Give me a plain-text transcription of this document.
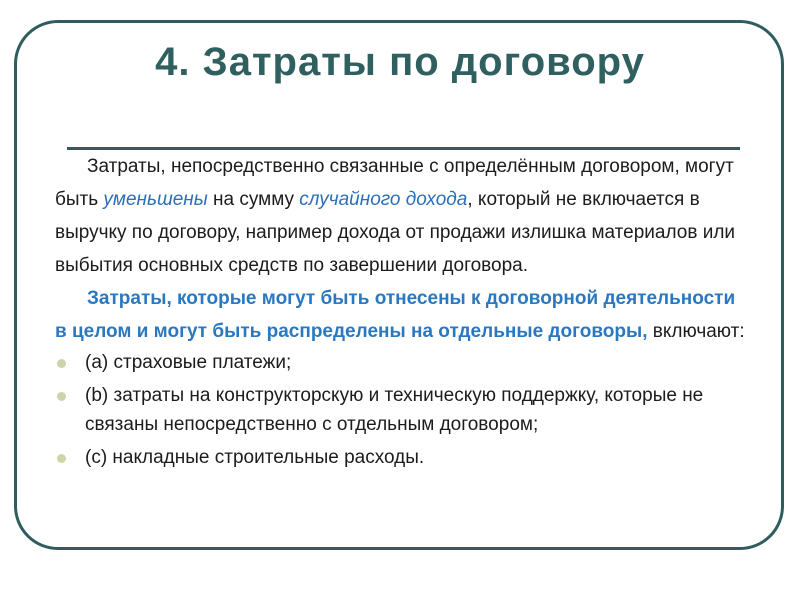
4. Затраты по договору

Затраты, непосредственно связанные с определённым договором, могут быть уменьшены на сумму случайного дохода, который не включается в выручку по договору, например дохода от продажи излишка материалов или выбытия основных средств по завершении договора.

Затраты, которые могут быть отнесены к договорной деятельности в целом и могут быть распределены на отдельные договоры, включают:

(а) страховые платежи;
(b) затраты на конструкторскую и техническую поддержку, которые не связаны непосредственно с отдельным договором;
(с) накладные строительные расходы.
